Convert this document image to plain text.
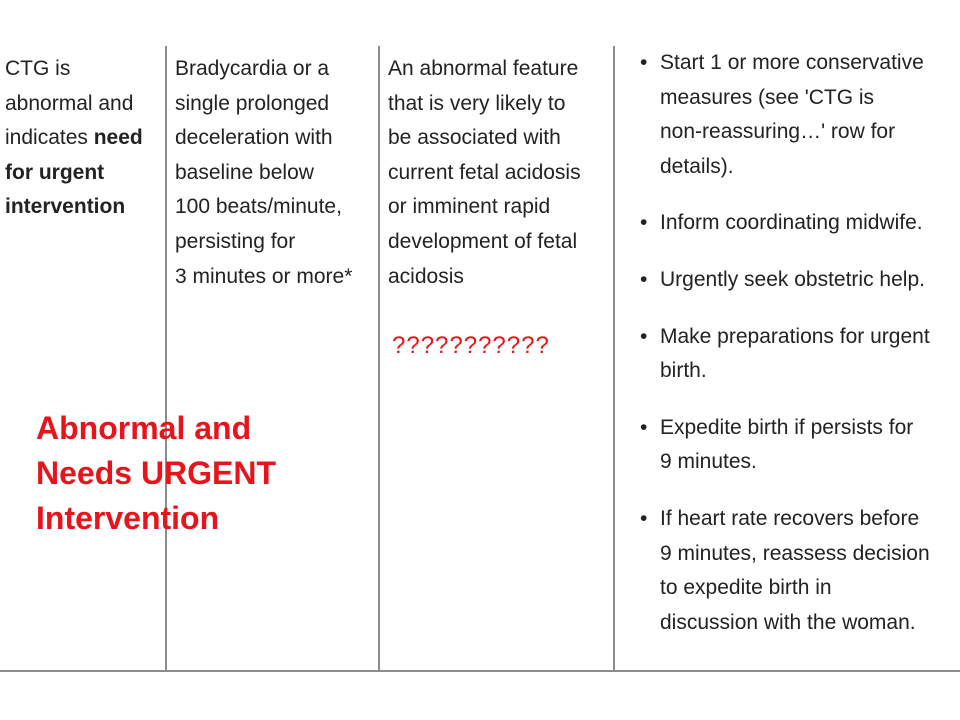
CTG is
abnormal and
indicates need
for urgent
intervention
Bradycardia or a
single prolonged
deceleration with
baseline below
100 beats/minute,
persisting for
3 minutes or more*
An abnormal feature
that is very likely to
be associated with
current fetal acidosis
or imminent rapid
development of fetal
acidosis
• Start 1 or more conservative
measures (see 'CTG is
non-reassuring…' row for
details).
• Inform coordinating midwife.
• Urgently seek obstetric help.
• Make preparations for urgent
birth.
• Expedite birth if persists for
9 minutes.
• If heart rate recovers before
9 minutes, reassess decision
to expedite birth in
discussion with the woman.
???????????
Abnormal and
Needs URGENT
Intervention
